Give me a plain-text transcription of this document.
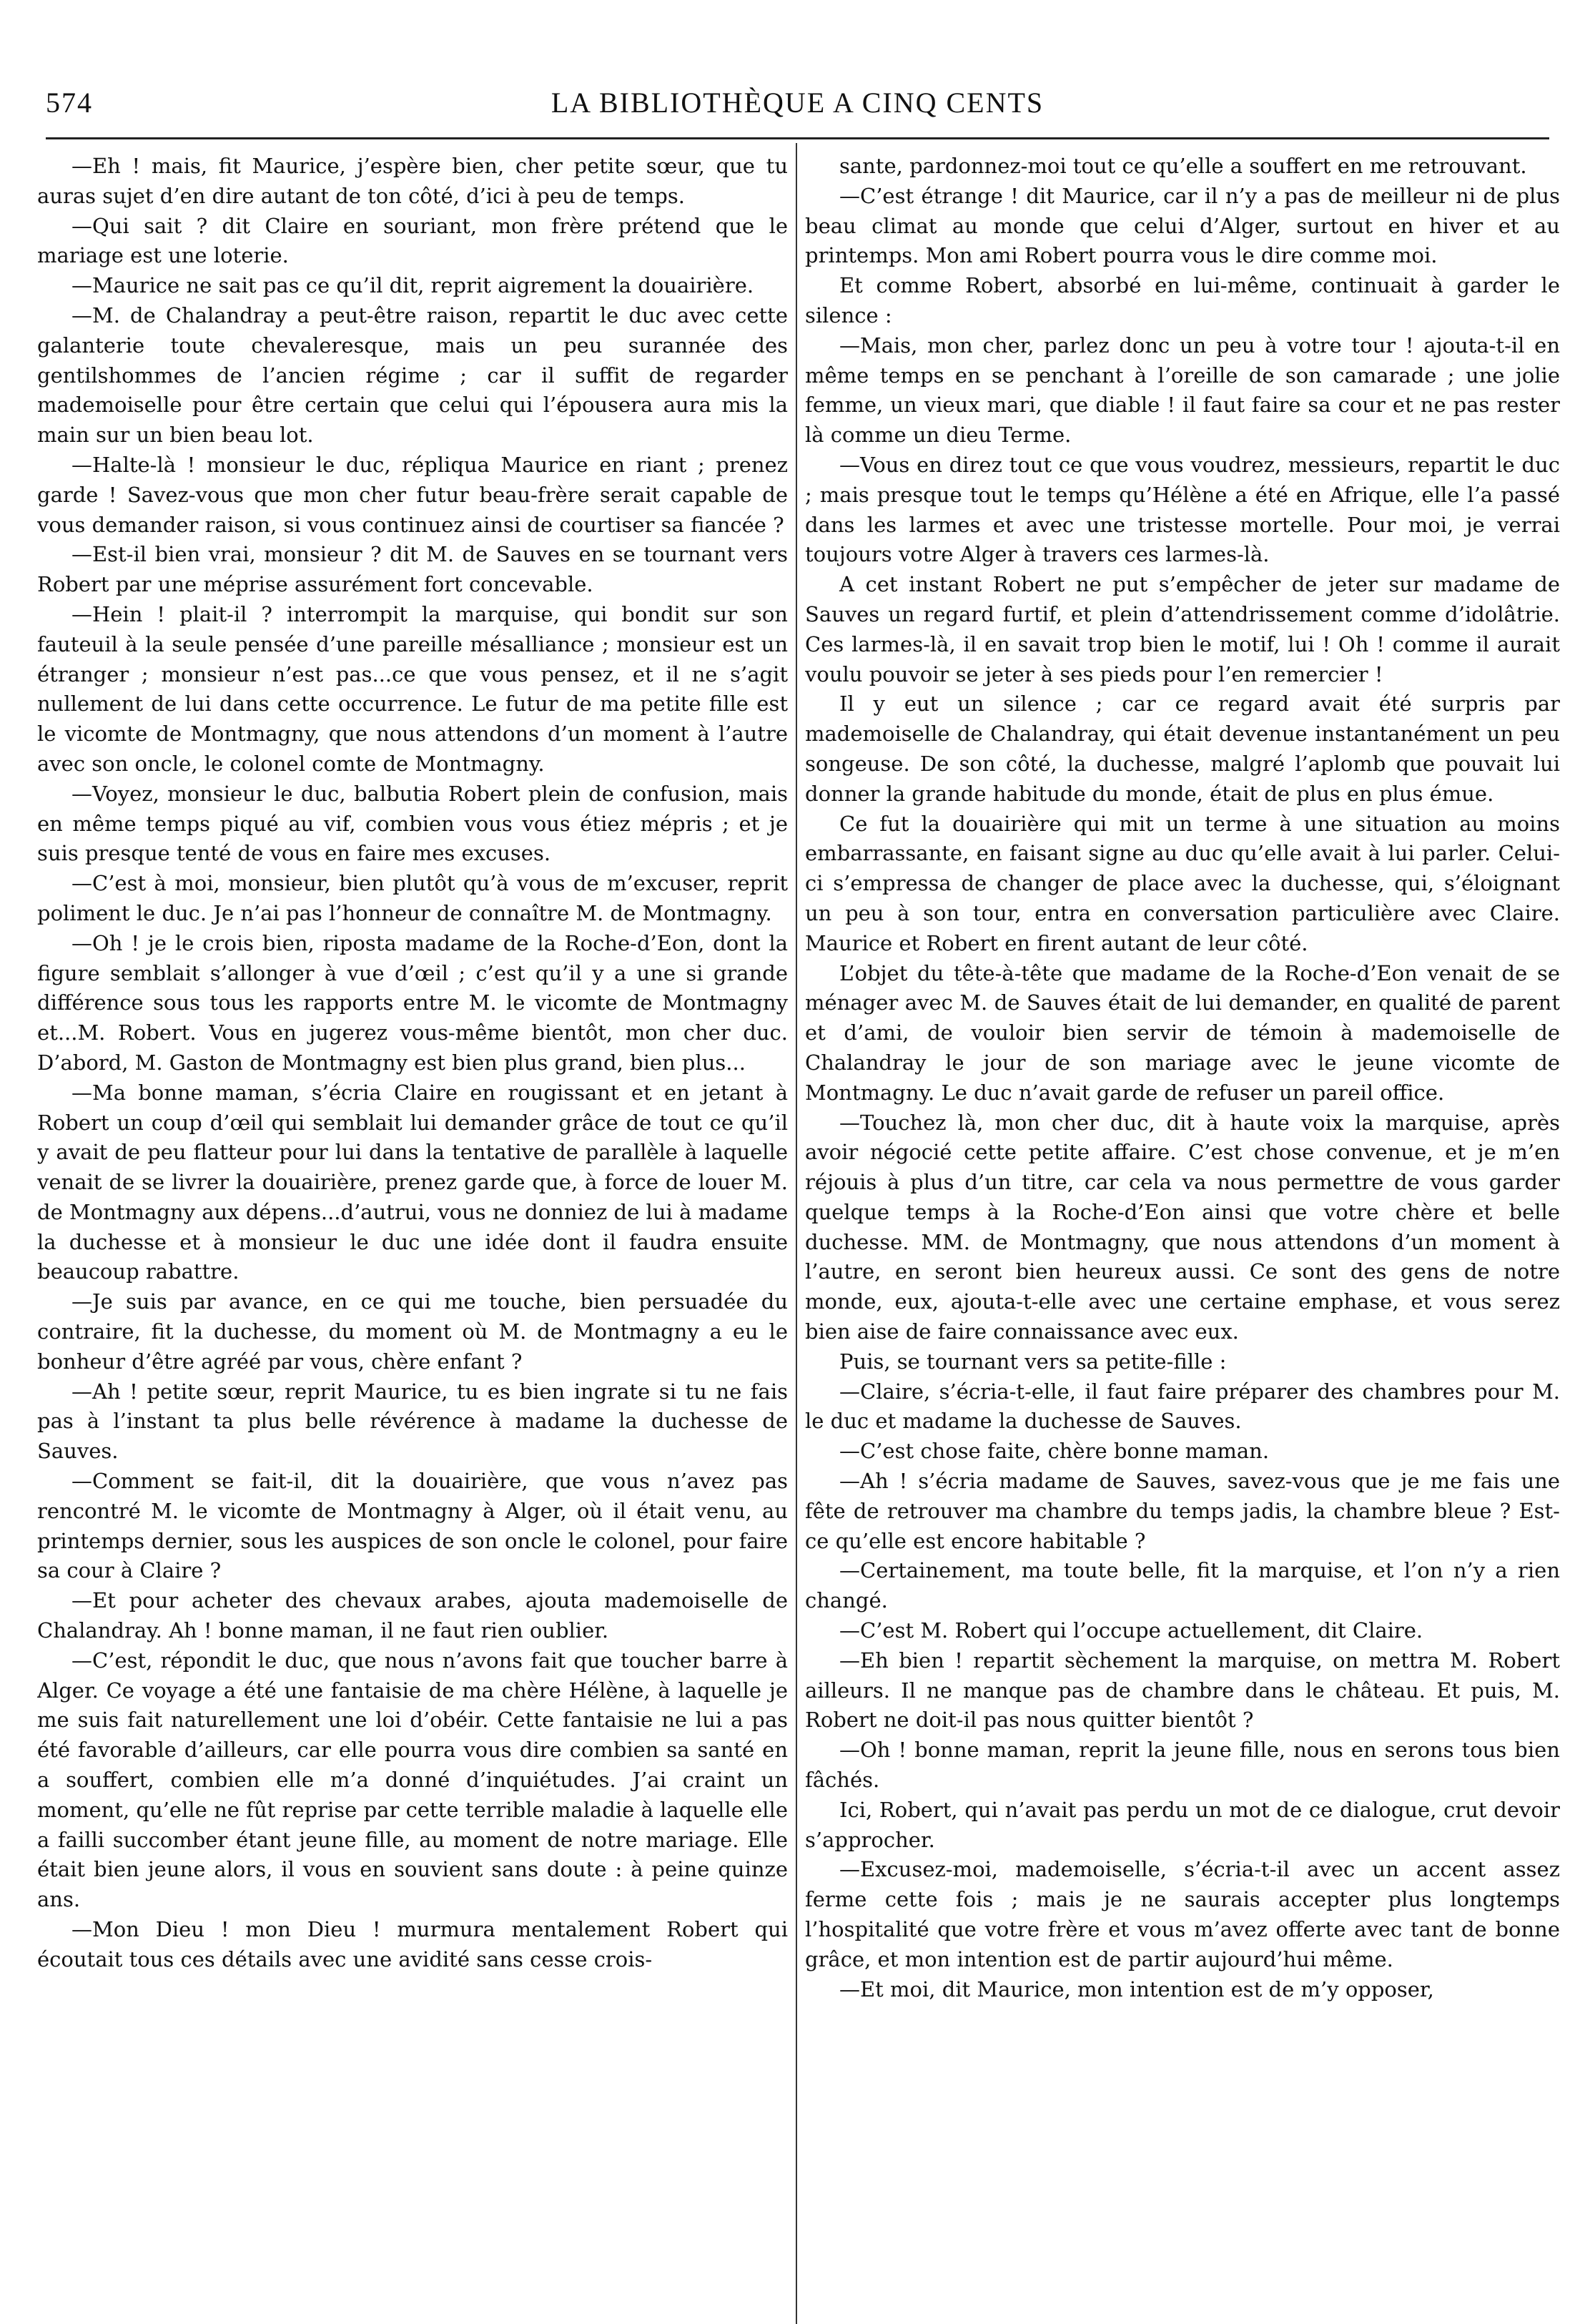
574	LA BIBLIOTHÈQUE A CINQ CENTS

—Eh ! mais, fit Maurice, j’espère bien, cher petite sœur, que tu auras sujet d’en dire autant de ton côté, d’ici à peu de temps.

—Qui sait ? dit Claire en souriant, mon frère prétend que le mariage est une loterie.

—Maurice ne sait pas ce qu’il dit, reprit aigrement la douairière.

—M. de Chalandray a peut-être raison, repartit le duc avec cette galanterie toute chevaleresque, mais un peu surannée des gentilshommes de l’ancien régime ; car il suffit de regarder mademoiselle pour être certain que celui qui l’épousera aura mis la main sur un bien beau lot.

—Halte-là ! monsieur le duc, répliqua Maurice en riant ; prenez garde ! Savez-vous que mon cher futur beau-frère serait capable de vous demander raison, si vous continuez ainsi de courtiser sa fiancée ?

—Est-il bien vrai, monsieur ? dit M. de Sauves en se tournant vers Robert par une méprise assurément fort concevable.

—Hein ! plait-il ? interrompit la marquise, qui bondit sur son fauteuil à la seule pensée d’une pareille mésalliance ; monsieur est un étranger ; monsieur n’est pas...ce que vous pensez, et il ne s’agit nullement de lui dans cette occurrence. Le futur de ma petite fille est le vicomte de Montmagny, que nous attendons d’un moment à l’autre avec son oncle, le colonel comte de Montmagny.

—Voyez, monsieur le duc, balbutia Robert plein de confusion, mais en même temps piqué au vif, combien vous vous étiez mépris ; et je suis presque tenté de vous en faire mes excuses.

—C’est à moi, monsieur, bien plutôt qu’à vous de m’excuser, reprit poliment le duc. Je n’ai pas l’honneur de connaître M. de Montmagny.

—Oh ! je le crois bien, riposta madame de la Roche-d’Eon, dont la figure semblait s’allonger à vue d’œil ; c’est qu’il y a une si grande différence sous tous les rapports entre M. le vicomte de Montmagny et...M. Robert. Vous en jugerez vous-même bientôt, mon cher duc. D’abord, M. Gaston de Montmagny est bien plus grand, bien plus...

—Ma bonne maman, s’écria Claire en rougissant et en jetant à Robert un coup d’œil qui semblait lui demander grâce de tout ce qu’il y avait de peu flatteur pour lui dans la tentative de parallèle à laquelle venait de se livrer la douairière, prenez garde que, à force de louer M. de Montmagny aux dépens...d’autrui, vous ne donniez de lui à madame la duchesse et à monsieur le duc une idée dont il faudra ensuite beaucoup rabattre.

—Je suis par avance, en ce qui me touche, bien persuadée du contraire, fit la duchesse, du moment où M. de Montmagny a eu le bonheur d’être agréé par vous, chère enfant ?

—Ah ! petite sœur, reprit Maurice, tu es bien ingrate si tu ne fais pas à l’instant ta plus belle révérence à madame la duchesse de Sauves.

—Comment se fait-il, dit la douairière, que vous n’avez pas rencontré M. le vicomte de Montmagny à Alger, où il était venu, au printemps dernier, sous les auspices de son oncle le colonel, pour faire sa cour à Claire ?

—Et pour acheter des chevaux arabes, ajouta mademoiselle de Chalandray. Ah ! bonne maman, il ne faut rien oublier.

—C’est, répondit le duc, que nous n’avons fait que toucher barre à Alger. Ce voyage a été une fantaisie de ma chère Hélène, à laquelle je me suis fait naturellement une loi d’obéir. Cette fantaisie ne lui a pas été favorable d’ailleurs, car elle pourra vous dire combien sa santé en a souffert, combien elle m’a donné d’inquiétudes. J’ai craint un moment, qu’elle ne fût reprise par cette terrible maladie à laquelle elle a failli succomber étant jeune fille, au moment de notre mariage. Elle était bien jeune alors, il vous en souvient sans doute : à peine quinze ans.

—Mon Dieu ! mon Dieu ! murmura mentalement Robert qui écoutait tous ces détails avec une avidité sans cesse crois-

sante, pardonnez-moi tout ce qu’elle a souffert en me retrouvant.

—C’est étrange ! dit Maurice, car il n’y a pas de meilleur ni de plus beau climat au monde que celui d’Alger, surtout en hiver et au printemps. Mon ami Robert pourra vous le dire comme moi.

Et comme Robert, absorbé en lui-même, continuait à garder le silence :

—Mais, mon cher, parlez donc un peu à votre tour ! ajouta-t-il en même temps en se penchant à l’oreille de son camarade ; une jolie femme, un vieux mari, que diable ! il faut faire sa cour et ne pas rester là comme un dieu Terme.

—Vous en direz tout ce que vous voudrez, messieurs, repartit le duc ; mais presque tout le temps qu’Hélène a été en Afrique, elle l’a passé dans les larmes et avec une tristesse mortelle. Pour moi, je verrai toujours votre Alger à travers ces larmes-là.

A cet instant Robert ne put s’empêcher de jeter sur madame de Sauves un regard furtif, et plein d’attendrissement comme d’idolâtrie. Ces larmes-là, il en savait trop bien le motif, lui ! Oh ! comme il aurait voulu pouvoir se jeter à ses pieds pour l’en remercier !

Il y eut un silence ; car ce regard avait été surpris par mademoiselle de Chalandray, qui était devenue instantanément un peu songeuse. De son côté, la duchesse, malgré l’aplomb que pouvait lui donner la grande habitude du monde, était de plus en plus émue.

Ce fut la douairière qui mit un terme à une situation au moins embarrassante, en faisant signe au duc qu’elle avait à lui parler. Celui-ci s’empressa de changer de place avec la duchesse, qui, s’éloignant un peu à son tour, entra en conversation particulière avec Claire. Maurice et Robert en firent autant de leur côté.

L’objet du tête-à-tête que madame de la Roche-d’Eon venait de se ménager avec M. de Sauves était de lui demander, en qualité de parent et d’ami, de vouloir bien servir de témoin à mademoiselle de Chalandray le jour de son mariage avec le jeune vicomte de Montmagny. Le duc n’avait garde de refuser un pareil office.

—Touchez là, mon cher duc, dit à haute voix la marquise, après avoir négocié cette petite affaire. C’est chose convenue, et je m’en réjouis à plus d’un titre, car cela va nous permettre de vous garder quelque temps à la Roche-d’Eon ainsi que votre chère et belle duchesse. MM. de Montmagny, que nous attendons d’un moment à l’autre, en seront bien heureux aussi. Ce sont des gens de notre monde, eux, ajouta-t-elle avec une certaine emphase, et vous serez bien aise de faire connaissance avec eux.

Puis, se tournant vers sa petite-fille :

—Claire, s’écria-t-elle, il faut faire préparer des chambres pour M. le duc et madame la duchesse de Sauves.

—C’est chose faite, chère bonne maman.

—Ah ! s’écria madame de Sauves, savez-vous que je me fais une fête de retrouver ma chambre du temps jadis, la chambre bleue ? Est-ce qu’elle est encore habitable ?

—Certainement, ma toute belle, fit la marquise, et l’on n’y a rien changé.

—C’est M. Robert qui l’occupe actuellement, dit Claire.

—Eh bien ! repartit sèchement la marquise, on mettra M. Robert ailleurs. Il ne manque pas de chambre dans le château. Et puis, M. Robert ne doit-il pas nous quitter bientôt ?

—Oh ! bonne maman, reprit la jeune fille, nous en serons tous bien fâchés.

Ici, Robert, qui n’avait pas perdu un mot de ce dialogue, crut devoir s’approcher.

—Excusez-moi, mademoiselle, s’écria-t-il avec un accent assez ferme cette fois ; mais je ne saurais accepter plus longtemps l’hospitalité que votre frère et vous m’avez offerte avec tant de bonne grâce, et mon intention est de partir aujourd’hui même.

—Et moi, dit Maurice, mon intention est de m’y opposer,
